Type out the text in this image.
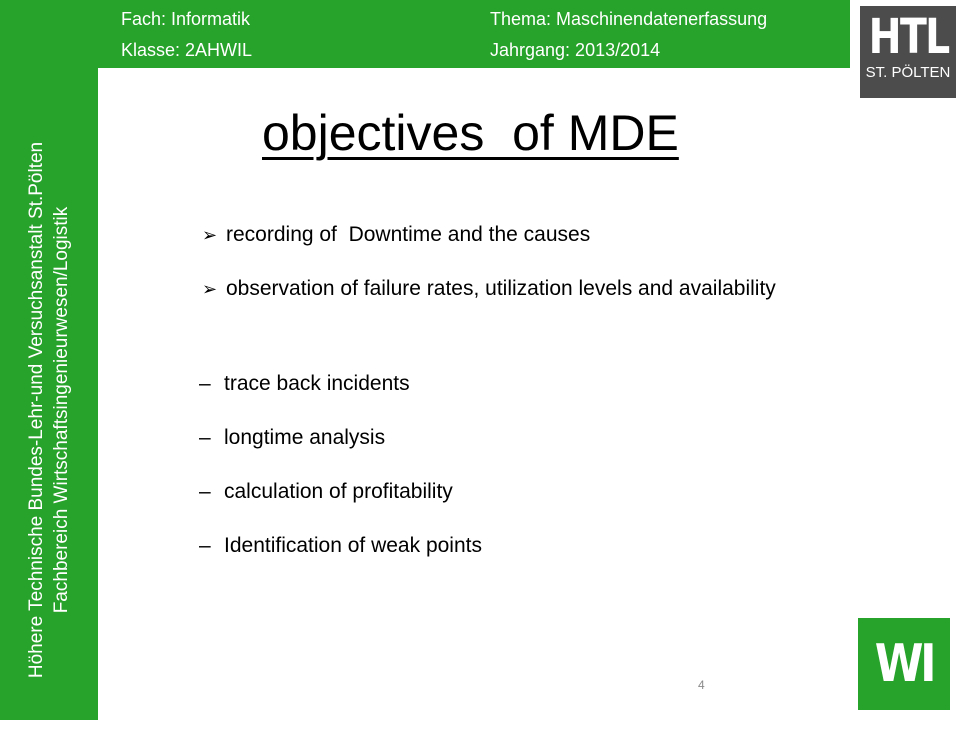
Höhere Technische Bundes-Lehr-und Versuchsanstalt St.Pölten Fachbereich Wirtschaftsingenieurwesen/Logistik
Fach: Informatik
Klasse: 2AHWIL
Thema: Maschinendatenerfassung
Jahrgang: 2013/2014	HTL
ST. PÖLTEN
objectives  of MDE
➢ recording of  Downtime and the causes
➢ observation of failure rates, utilization levels and availability
– trace back incidents
– longtime analysis
– calculation of profitability
– Identification of weak points
WI
4
